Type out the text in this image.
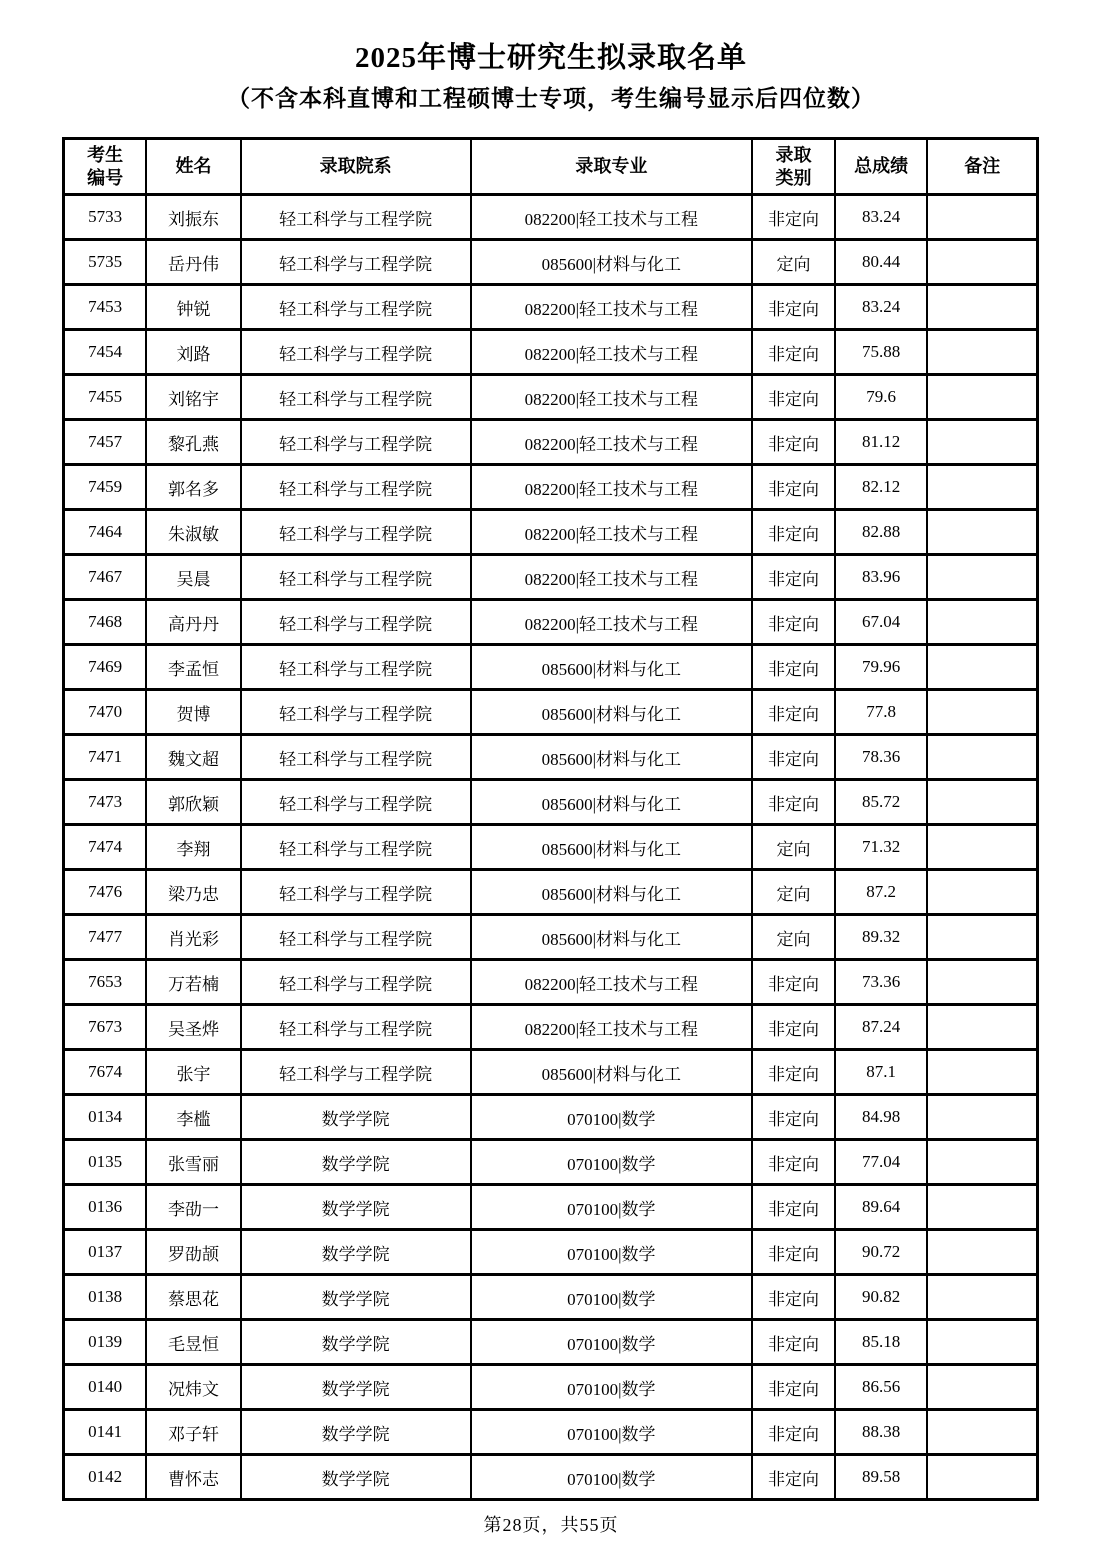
2025年博士研究生拟录取名单
（不含本科直博和工程硕博士专项，考生编号显示后四位数）
考生编号	姓名	录取院系	录取专业	录取类别	总成绩	备注
5733	刘振东	轻工科学与工程学院	082200|轻工技术与工程	非定向	83.24	
5735	岳丹伟	轻工科学与工程学院	085600|材料与化工	定向	80.44	
7453	钟锐	轻工科学与工程学院	082200|轻工技术与工程	非定向	83.24	
7454	刘路	轻工科学与工程学院	082200|轻工技术与工程	非定向	75.88	
7455	刘铭宇	轻工科学与工程学院	082200|轻工技术与工程	非定向	79.6	
7457	黎孔燕	轻工科学与工程学院	082200|轻工技术与工程	非定向	81.12	
7459	郭名多	轻工科学与工程学院	082200|轻工技术与工程	非定向	82.12	
7464	朱淑敏	轻工科学与工程学院	082200|轻工技术与工程	非定向	82.88	
7467	吴晨	轻工科学与工程学院	082200|轻工技术与工程	非定向	83.96	
7468	高丹丹	轻工科学与工程学院	082200|轻工技术与工程	非定向	67.04	
7469	李孟恒	轻工科学与工程学院	085600|材料与化工	非定向	79.96	
7470	贺博	轻工科学与工程学院	085600|材料与化工	非定向	77.8	
7471	魏文超	轻工科学与工程学院	085600|材料与化工	非定向	78.36	
7473	郭欣颖	轻工科学与工程学院	085600|材料与化工	非定向	85.72	
7474	李翔	轻工科学与工程学院	085600|材料与化工	定向	71.32	
7476	梁乃忠	轻工科学与工程学院	085600|材料与化工	定向	87.2	
7477	肖光彩	轻工科学与工程学院	085600|材料与化工	定向	89.32	
7653	万若楠	轻工科学与工程学院	082200|轻工技术与工程	非定向	73.36	
7673	吴圣烨	轻工科学与工程学院	082200|轻工技术与工程	非定向	87.24	
7674	张宇	轻工科学与工程学院	085600|材料与化工	非定向	87.1	
0134	李槛	数学学院	070100|数学	非定向	84.98	
0135	张雪丽	数学学院	070100|数学	非定向	77.04	
0136	李劭一	数学学院	070100|数学	非定向	89.64	
0137	罗劭颉	数学学院	070100|数学	非定向	90.72	
0138	蔡思花	数学学院	070100|数学	非定向	90.82	
0139	毛昱恒	数学学院	070100|数学	非定向	85.18	
0140	况炜文	数学学院	070100|数学	非定向	86.56	
0141	邓子轩	数学学院	070100|数学	非定向	88.38	
0142	曹怀志	数学学院	070100|数学	非定向	89.58	
第28页，共55页
